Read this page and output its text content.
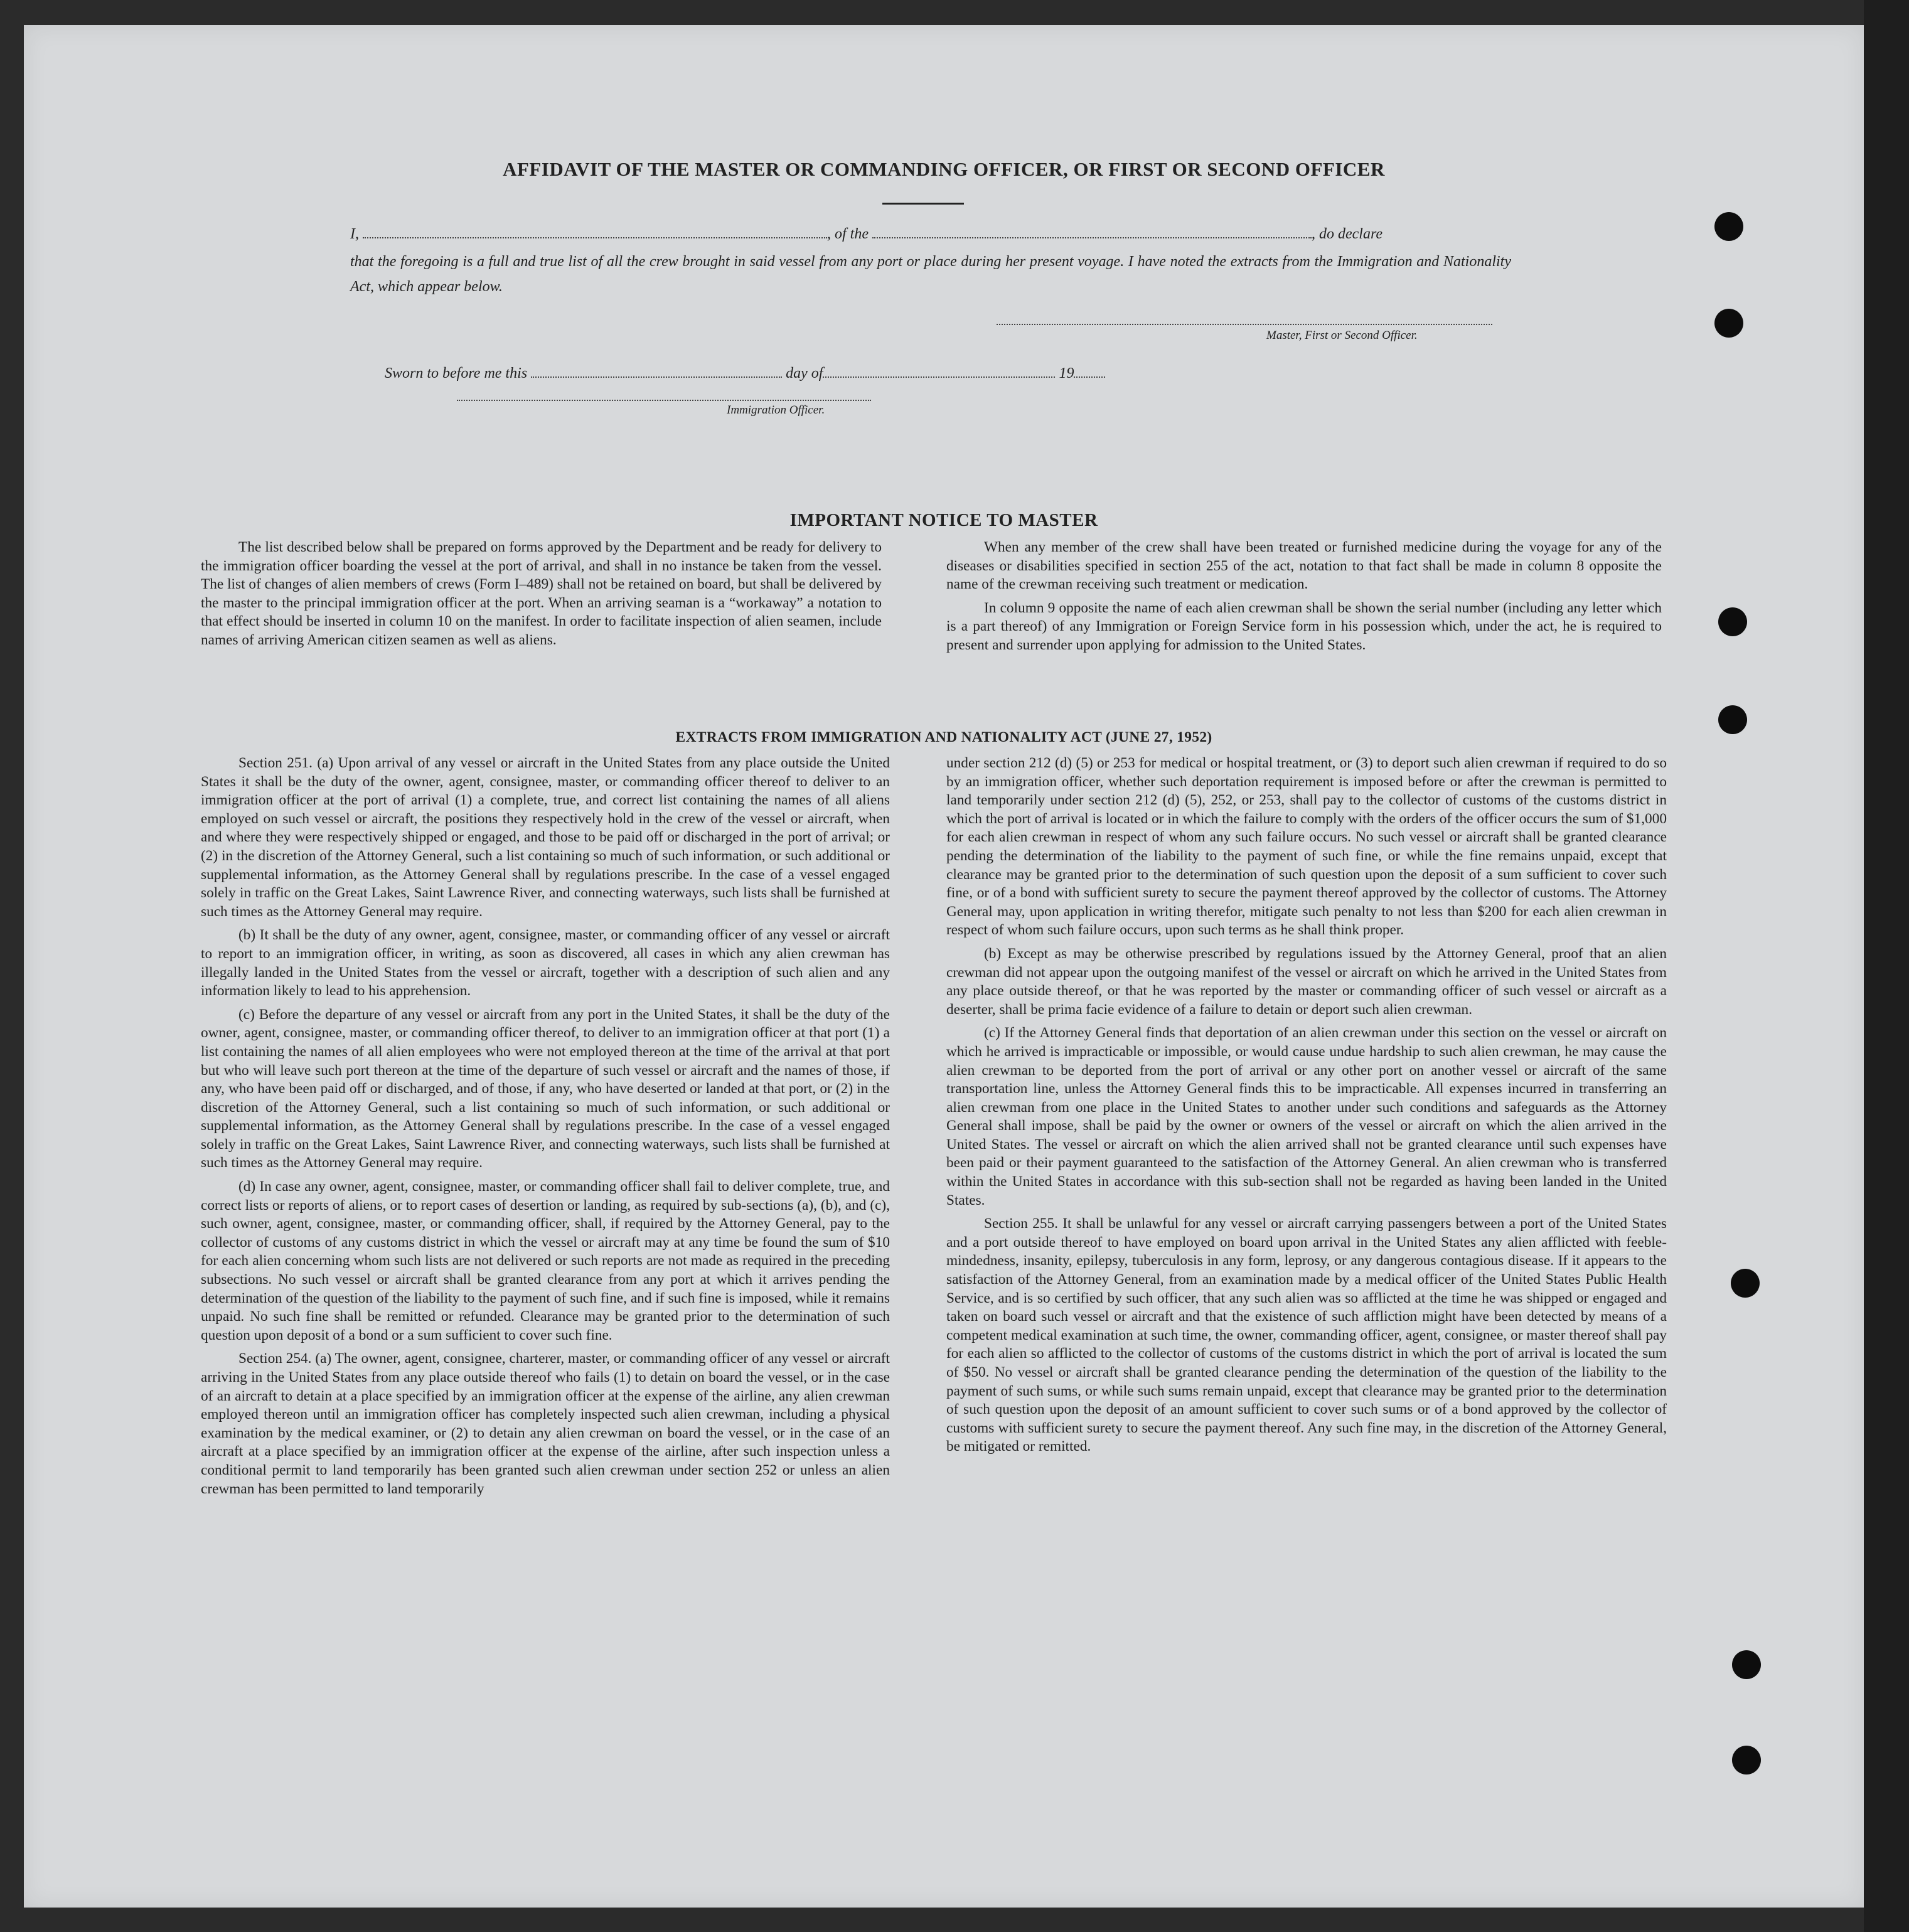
AFFIDAVIT OF THE MASTER OR COMMANDING OFFICER, OR FIRST OR SECOND OFFICER
I,	, of the	, do declare
that the foregoing is a full and true list of all the crew brought in said vessel from any port or place during her present voyage. I have noted the extracts from the Immigration and Nationality Act, which appear below.
Master, First or Second Officer.
Sworn to before me this	day of	19
Immigration Officer.
IMPORTANT NOTICE TO MASTER

The list described below shall be prepared on forms approved by the Department and be ready for delivery to the immigration officer boarding the vessel at the port of arrival, and shall in no instance be taken from the vessel. The list of changes of alien members of crews (Form I–489) shall not be retained on board, but shall be delivered by the master to the principal immigration officer at the port. When an arriving seaman is a “workaway” a notation to that effect should be inserted in column 10 on the manifest. In order to facilitate inspection of alien seamen, include names of arriving American citizen seamen as well as aliens.

When any member of the crew shall have been treated or furnished medicine during the voyage for any of the diseases or disabilities specified in section 255 of the act, notation to that fact shall be made in column 8 opposite the name of the crewman receiving such treatment or medication.

In column 9 opposite the name of each alien crewman shall be shown the serial number (including any letter which is a part thereof) of any Immigration or Foreign Service form in his possession which, under the act, he is required to present and surrender upon applying for admission to the United States.

EXTRACTS FROM IMMIGRATION AND NATIONALITY ACT (JUNE 27, 1952)

Section 251. (a) Upon arrival of any vessel or aircraft in the United States from any place outside the United States it shall be the duty of the owner, agent, consignee, master, or commanding officer thereof to deliver to an immigration officer at the port of arrival (1) a complete, true, and correct list containing the names of all aliens employed on such vessel or aircraft, the positions they respectively hold in the crew of the vessel or aircraft, when and where they were respectively shipped or engaged, and those to be paid off or discharged in the port of arrival; or (2) in the discretion of the Attorney General, such a list containing so much of such information, or such additional or supplemental information, as the Attorney General shall by regulations prescribe. In the case of a vessel engaged solely in traffic on the Great Lakes, Saint Lawrence River, and connecting waterways, such lists shall be furnished at such times as the Attorney General may require.

(b) It shall be the duty of any owner, agent, consignee, master, or commanding officer of any vessel or aircraft to report to an immigration officer, in writing, as soon as discovered, all cases in which any alien crewman has illegally landed in the United States from the vessel or aircraft, together with a description of such alien and any information likely to lead to his apprehension.

(c) Before the departure of any vessel or aircraft from any port in the United States, it shall be the duty of the owner, agent, consignee, master, or commanding officer thereof, to deliver to an immigration officer at that port (1) a list containing the names of all alien employees who were not employed thereon at the time of the arrival at that port but who will leave such port thereon at the time of the departure of such vessel or aircraft and the names of those, if any, who have been paid off or discharged, and of those, if any, who have deserted or landed at that port, or (2) in the discretion of the Attorney General, such a list containing so much of such information, or such additional or supplemental information, as the Attorney General shall by regulations prescribe. In the case of a vessel engaged solely in traffic on the Great Lakes, Saint Lawrence River, and connecting waterways, such lists shall be furnished at such times as the Attorney General may require.

(d) In case any owner, agent, consignee, master, or commanding officer shall fail to deliver complete, true, and correct lists or reports of aliens, or to report cases of desertion or landing, as required by sub-sections (a), (b), and (c), such owner, agent, consignee, master, or commanding officer, shall, if required by the Attorney General, pay to the collector of customs of any customs district in which the vessel or aircraft may at any time be found the sum of $10 for each alien concerning whom such lists are not delivered or such reports are not made as required in the preceding subsections. No such vessel or aircraft shall be granted clearance from any port at which it arrives pending the determination of the question of the liability to the payment of such fine, and if such fine is imposed, while it remains unpaid. No such fine shall be remitted or refunded. Clearance may be granted prior to the determination of such question upon deposit of a bond or a sum sufficient to cover such fine.

Section 254. (a) The owner, agent, consignee, charterer, master, or commanding officer of any vessel or aircraft arriving in the United States from any place outside thereof who fails (1) to detain on board the vessel, or in the case of an aircraft to detain at a place specified by an immigration officer at the expense of the airline, any alien crewman employed thereon until an immigration officer has completely inspected such alien crewman, including a physical examination by the medical examiner, or (2) to detain any alien crewman on board the vessel, or in the case of an aircraft at a place specified by an immigration officer at the expense of the airline, after such inspection unless a conditional permit to land temporarily has been granted such alien crewman under section 252 or unless an alien crewman has been permitted to land temporarily

under section 212 (d) (5) or 253 for medical or hospital treatment, or (3) to deport such alien crewman if required to do so by an immigration officer, whether such deportation requirement is imposed before or after the crewman is permitted to land temporarily under section 212 (d) (5), 252, or 253, shall pay to the collector of customs of the customs district in which the port of arrival is located or in which the failure to comply with the orders of the officer occurs the sum of $1,000 for each alien crewman in respect of whom any such failure occurs. No such vessel or aircraft shall be granted clearance pending the determination of the liability to the payment of such fine, or while the fine remains unpaid, except that clearance may be granted prior to the determination of such question upon the deposit of a sum sufficient to cover such fine, or of a bond with sufficient surety to secure the payment thereof approved by the collector of customs. The Attorney General may, upon application in writing therefor, mitigate such penalty to not less than $200 for each alien crewman in respect of whom such failure occurs, upon such terms as he shall think proper.

(b) Except as may be otherwise prescribed by regulations issued by the Attorney General, proof that an alien crewman did not appear upon the outgoing manifest of the vessel or aircraft on which he arrived in the United States from any place outside thereof, or that he was reported by the master or commanding officer of such vessel or aircraft as a deserter, shall be prima facie evidence of a failure to detain or deport such alien crewman.

(c) If the Attorney General finds that deportation of an alien crewman under this section on the vessel or aircraft on which he arrived is impracticable or impossible, or would cause undue hardship to such alien crewman, he may cause the alien crewman to be deported from the port of arrival or any other port on another vessel or aircraft of the same transportation line, unless the Attorney General finds this to be impracticable. All expenses incurred in transferring an alien crewman from one place in the United States to another under such conditions and safeguards as the Attorney General shall impose, shall be paid by the owner or owners of the vessel or aircraft on which the alien arrived in the United States. The vessel or aircraft on which the alien arrived shall not be granted clearance until such expenses have been paid or their payment guaranteed to the satisfaction of the Attorney General. An alien crewman who is transferred within the United States in accordance with this sub-section shall not be regarded as having been landed in the United States.

Section 255. It shall be unlawful for any vessel or aircraft carrying passengers between a port of the United States and a port outside thereof to have employed on board upon arrival in the United States any alien afflicted with feeble-mindedness, insanity, epilepsy, tuberculosis in any form, leprosy, or any dangerous contagious disease. If it appears to the satisfaction of the Attorney General, from an examination made by a medical officer of the United States Public Health Service, and is so certified by such officer, that any such alien was so afflicted at the time he was shipped or engaged and taken on board such vessel or aircraft and that the existence of such affliction might have been detected by means of a competent medical examination at such time, the owner, commanding officer, agent, consignee, or master thereof shall pay for each alien so afflicted to the collector of customs of the customs district in which the port of arrival is located the sum of $50. No vessel or aircraft shall be granted clearance pending the determination of the question of the liability to the payment of such sums, or while such sums remain unpaid, except that clearance may be granted prior to the determination of such question upon the deposit of an amount sufficient to cover such sums or of a bond approved by the collector of customs with sufficient surety to secure the payment thereof. Any such fine may, in the discretion of the Attorney General, be mitigated or remitted.
